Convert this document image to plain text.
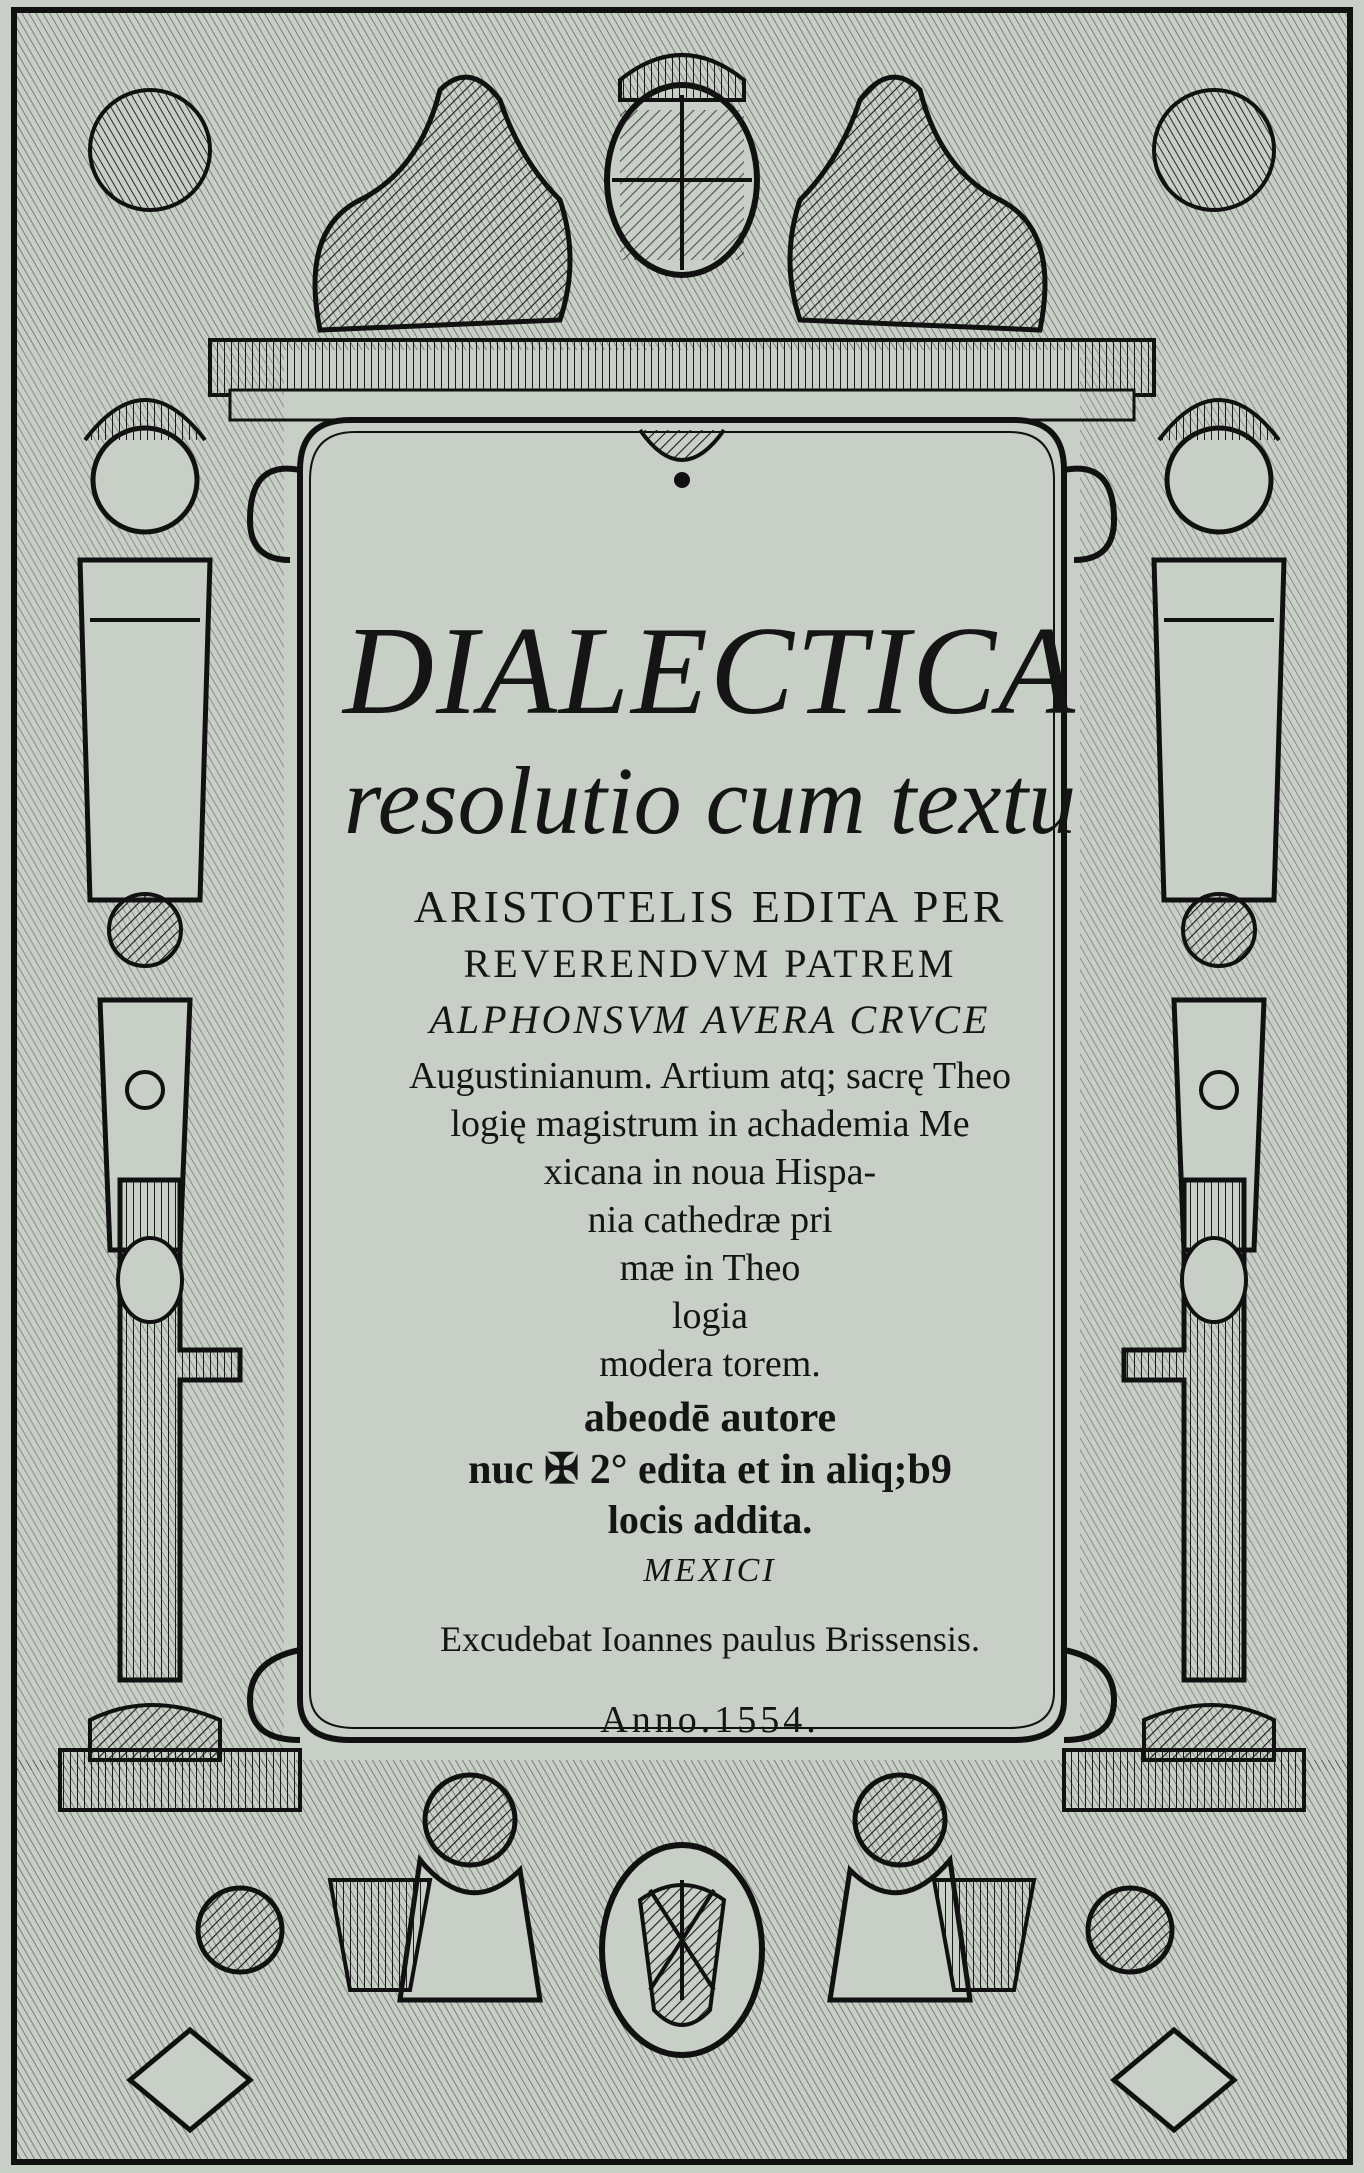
DIALECTICA
resolutio cum textu
ARISTOTELIS EDITA PER
REVERENDVM PATREM
ALPHONSVM AVERA CRVCE
Augustinianum. Artium atq; sacrę Theo
logię magistrum in achademia Me
xicana in noua Hispa-
nia cathedræ pri
mæ in Theo
logia
modera torem.
abeodē autore
nuc ✠ 2° edita et in aliq;b9
locis addita.
MEXICI
Excudebat Ioannes paulus Brissensis.
Anno.1554.
